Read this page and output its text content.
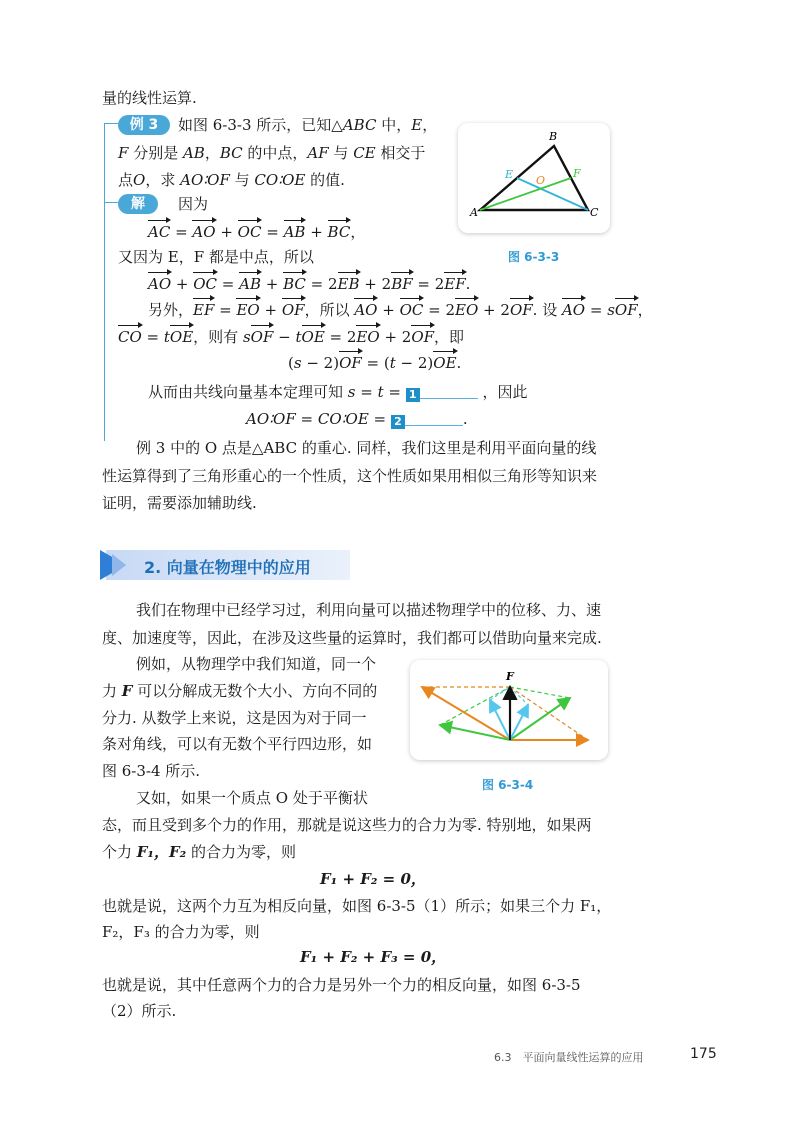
量的线性运算.
例 3	如图 6-3-3 所示，已知△ABC 中，E，
F 分别是 AB，BC 的中点，AF 与 CE 相交于
点O，求 AO∶OF 与 CO∶OE 的值.
解	因为
AC = AO + OC = AB + BC，
又因为 E，F 都是中点，所以
AO + OC = AB + BC = 2EB + 2BF = 2EF.
另外，EF = EO + OF，所以 AO + OC = 2EO + 2OF. 设 AO = sOF，
CO = tOE，则有 sOF − tOE = 2EO + 2OF，即
(s − 2)OF = (t − 2)OE.
从而由共线向量基本定理可知 s = t = 1	，因此
AO∶OF = CO∶OE = 2	.
A
B
C
E	F
O
图 6-3-3
例 3 中的 O 点是△ABC 的重心. 同样，我们这里是利用平面向量的线
性运算得到了三角形重心的一个性质，这个性质如果用相似三角形等知识来
证明，需要添加辅助线.
2. 向量在物理中的应用
我们在物理中已经学习过，利用向量可以描述物理学中的位移、力、速
度、加速度等，因此，在涉及这些量的运算时，我们都可以借助向量来完成.
例如，从物理学中我们知道，同一个
力 F 可以分解成无数个大小、方向不同的
分力. 从数学上来说，这是因为对于同一
条对角线，可以有无数个平行四边形，如
图 6-3-4 所示.
F
图 6-3-4
又如，如果一个质点 O 处于平衡状
态，而且受到多个力的作用，那就是说这些力的合力为零. 特别地，如果两
个力 F₁，F₂ 的合力为零，则
F₁ + F₂ = 0，
也就是说，这两个力互为相反向量，如图 6-3-5（1）所示；如果三个力 F₁，
F₂，F₃ 的合力为零，则
F₁ + F₂ + F₃ = 0，
也就是说，其中任意两个力的合力是另外一个力的相反向量，如图 6-3-5
（2）所示.
6.3　平面向量线性运算的应用	175
